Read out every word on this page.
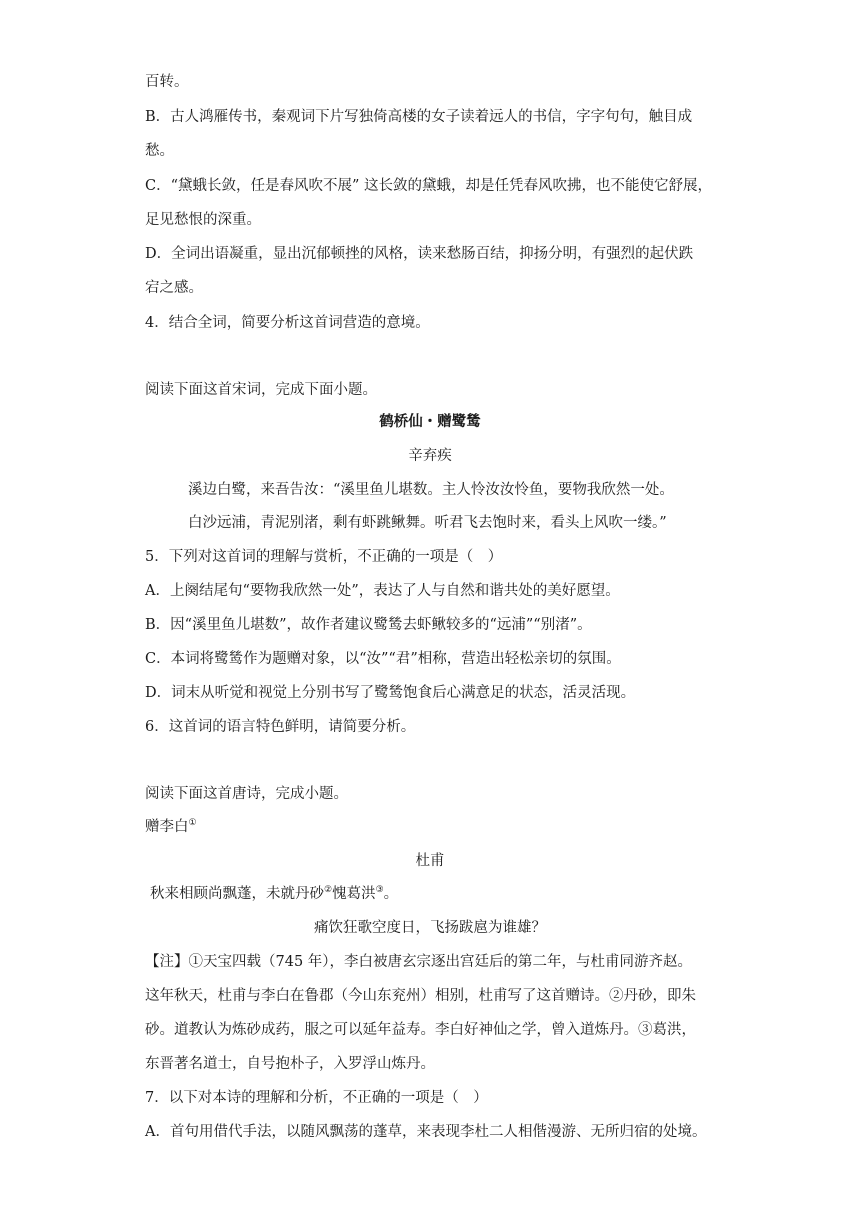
百转。
B．古人鸿雁传书，秦观词下片写独倚高楼的女子读着远人的书信，字字句句，触目成
愁。
C．“黛蛾长敛，任是春风吹不展” 这长敛的黛蛾，却是任凭春风吹拂，也不能使它舒展，
足见愁恨的深重。
D．全词出语凝重，显出沉郁顿挫的风格，读来愁肠百结，抑扬分明，有强烈的起伏跌
宕之感。
4．结合全词，简要分析这首词营造的意境。
阅读下面这首宋词，完成下面小题。
鹤桥仙・赠鹭鸶
辛弃疾
溪边白鹭，来吾告汝：“溪里鱼儿堪数。主人怜汝汝怜鱼，要物我欣然一处。
白沙远浦，青泥别渚，剩有虾跳鳅舞。听君飞去饱时来，看头上风吹一缕。”
5．下列对这首词的理解与赏析，不正确的一项是（　）
A．上阕结尾句“要物我欣然一处”，表达了人与自然和谐共处的美好愿望。
B．因“溪里鱼儿堪数”，故作者建议鹭鸶去虾鳅较多的“远浦”“别渚”。
C．本词将鹭鸶作为题赠对象，以“汝”“君”相称，营造出轻松亲切的氛围。
D．词末从听觉和视觉上分别书写了鹭鸶饱食后心满意足的状态，活灵活现。
6．这首词的语言特色鲜明，请简要分析。
阅读下面这首唐诗，完成小题。
赠李白①
杜甫
秋来相顾尚飘蓬，未就丹砂②愧葛洪③。
痛饮狂歌空度日，飞扬跋扈为谁雄？
【注】①天宝四载（745 年），李白被唐玄宗逐出宫廷后的第二年，与杜甫同游齐赵。
这年秋天，杜甫与李白在鲁郡（今山东兖州）相别，杜甫写了这首赠诗。②丹砂，即朱
砂。道教认为炼砂成药，服之可以延年益寿。李白好神仙之学，曾入道炼丹。③葛洪，
东晋著名道士，自号抱朴子，入罗浮山炼丹。
7．以下对本诗的理解和分析，不正确的一项是（　）
A．首句用借代手法，以随风飘荡的蓬草，来表现李杜二人相偕漫游、无所归宿的处境。
